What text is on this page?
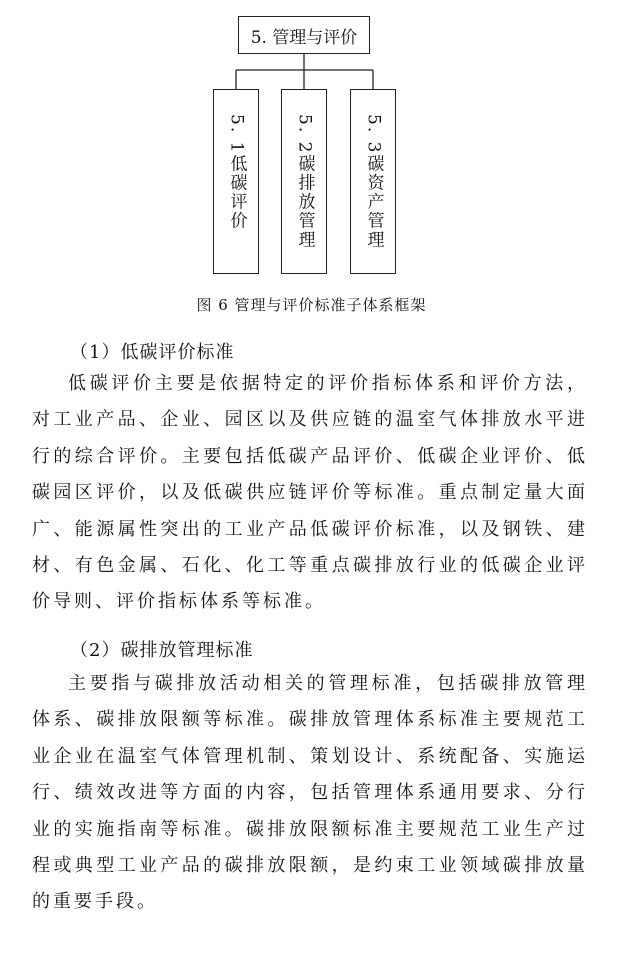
5. 管理与评价
5. 1低碳评价	5. 2碳排放管理	5. 3碳资产管理
图 6 管理与评价标准子体系框架
（1）低碳评价标准

低碳评价主要是依据特定的评价指标体系和评价方法，对工业产品、企业、园区以及供应链的温室气体排放水平进行的综合评价。主要包括低碳产品评价、低碳企业评价、低碳园区评价，以及低碳供应链评价等标准。重点制定量大面广、能源属性突出的工业产品低碳评价标准，以及钢铁、建材、有色金属、石化、化工等重点碳排放行业的低碳企业评价导则、评价指标体系等标准。

（2）碳排放管理标准

主要指与碳排放活动相关的管理标准，包括碳排放管理体系、碳排放限额等标准。碳排放管理体系标准主要规范工业企业在温室气体管理机制、策划设计、系统配备、实施运行、绩效改进等方面的内容，包括管理体系通用要求、分行业的实施指南等标准。碳排放限额标准主要规范工业生产过程或典型工业产品的碳排放限额，是约束工业领域碳排放量的重要手段。
